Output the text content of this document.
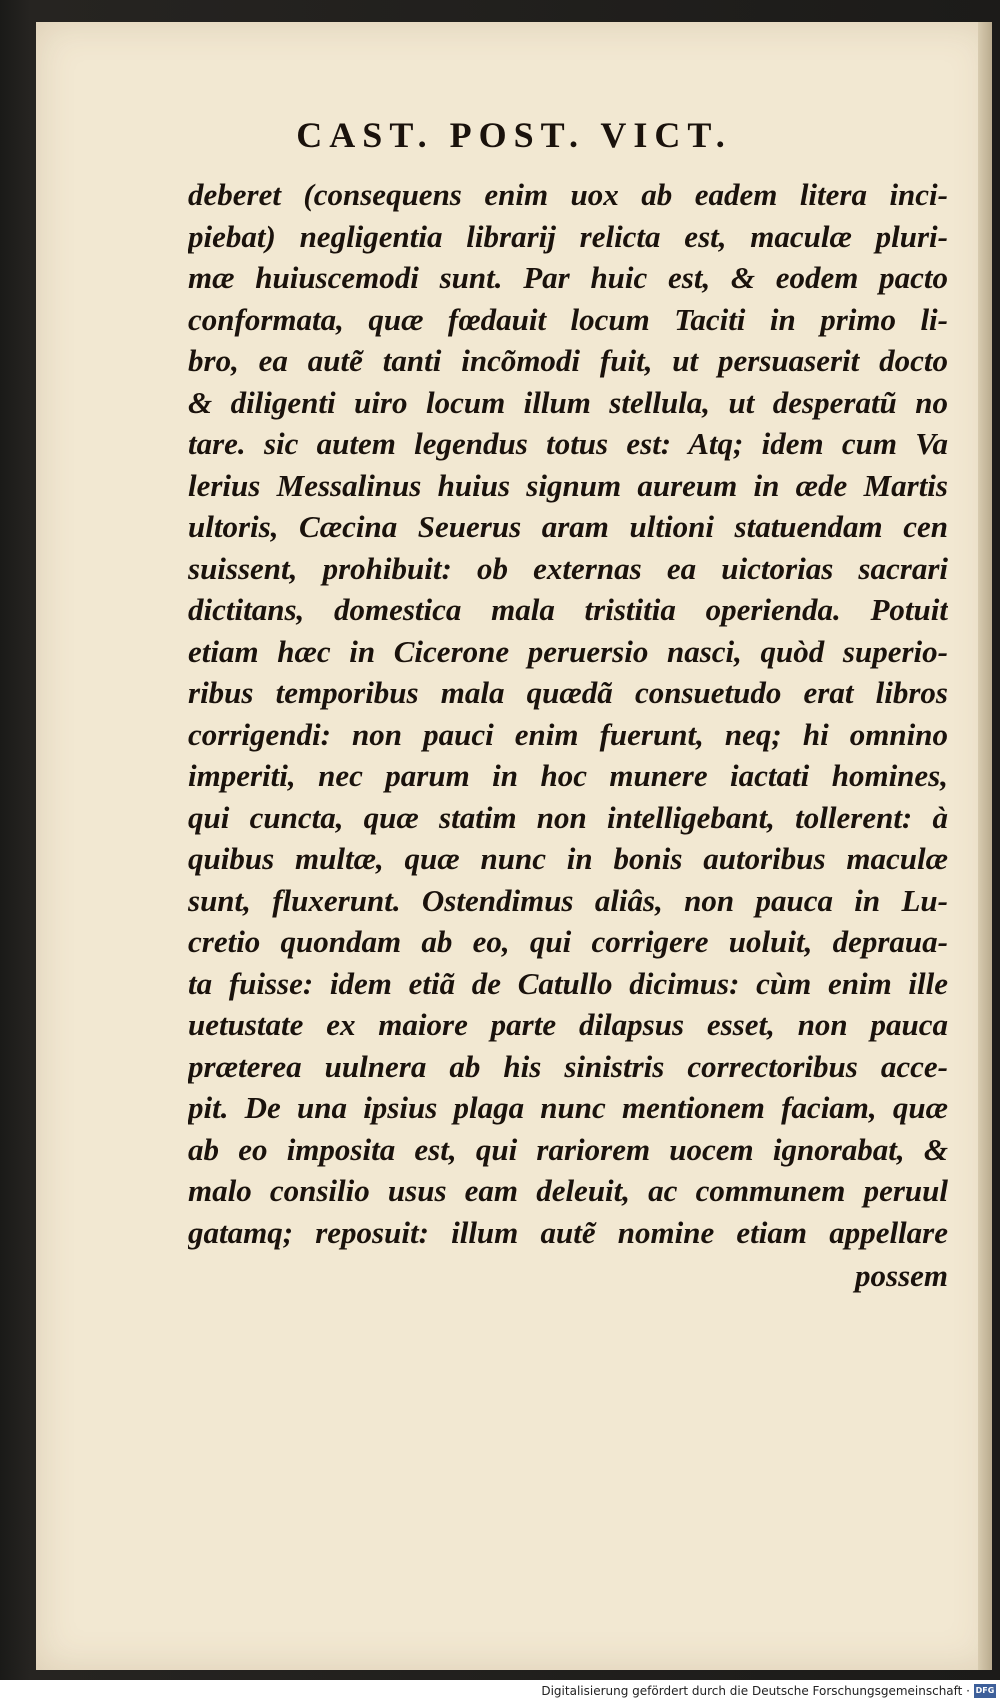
CAST. POST. VICT.
deberet (consequens enim uox ab eadem litera inci-
piebat) negligentia librarij relicta est, maculæ pluri-
mæ huiuscemodi sunt. Par huic est, & eodem pacto
conformata, quæ fœdauit locum Taciti in primo li-
bro, ea autẽ tanti incõmodi fuit, ut persuaserit docto
& diligenti uiro locum illum stellula, ut desperatũ no
tare. sic autem legendus totus est: Atq; idem cum Va
lerius Messalinus huius signum aureum in æde Martis
ultoris, Cæcina Seuerus aram ultioni statuendam cen
suissent, prohibuit: ob externas ea uictorias sacrari
dictitans, domestica mala tristitia operienda. Potuit
etiam hæc in Cicerone peruersio nasci, quòd superio-
ribus temporibus mala quædã consuetudo erat libros
corrigendi: non pauci enim fuerunt, neq; hi omnino
imperiti, nec parum in hoc munere iactati homines,
qui cuncta, quæ statim non intelligebant, tollerent: à
quibus multæ, quæ nunc in bonis autoribus maculæ
sunt, fluxerunt. Ostendimus aliâs, non pauca in Lu-
cretio quondam ab eo, qui corrigere uoluit, deprauа-
ta fuisse: idem etiã de Catullo dicimus: cùm enim ille
uetustate ex maiore parte dilapsus esset, non pauca
præterea uulnera ab his sinistris correctoribus acce-
pit. De una ipsius plaga nunc mentionem faciam, quæ
ab eo imposita est, qui rariorem uocem ignorabat, &
malo consilio usus eam deleuit, ac communem peruul
gatamq; reposuit: illum autẽ nomine etiam appellare
possem
Digitalisierung gefördert durch die Deutsche Forschungsgemeinschaft · DFG
